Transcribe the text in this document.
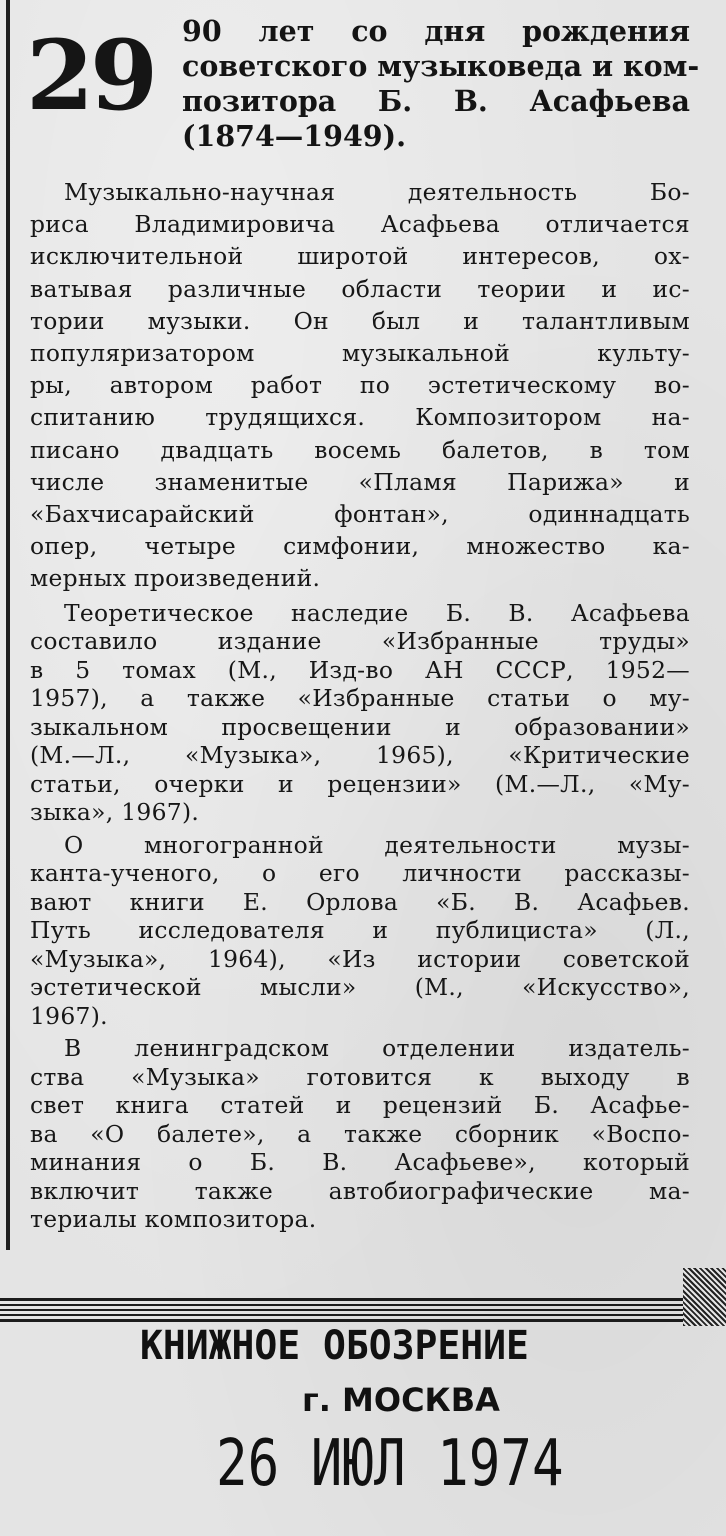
29 90 лет со дня рождения
советского музыковеда и ком-
позитора Б. В. Асафьева
(1874—1949).
Музыкально-научная деятельность Бо-
риса Владимировича Асафьева отличается
исключительной широтой интересов, ох-
ватывая различные области теории и ис-
тории музыки. Он был и талантливым
популяризатором музыкальной культу-
ры, автором работ по эстетическому во-
спитанию трудящихся. Композитором на-
писано двадцать восемь балетов, в том
числе знаменитые «Пламя Парижа» и
«Бахчисарайский фонтан», одиннадцать
опер, четыре симфонии, множество ка-
мерных произведений.
Теоретическое наследие Б. В. Асафьева
составило издание «Избранные труды»
в 5 томах (М., Изд-во АН СССР, 1952—
1957), а также «Избранные статьи о му-
зыкальном просвещении и образовании»
(М.—Л., «Музыка», 1965), «Критические
статьи, очерки и рецензии» (М.—Л., «Му-
зыка», 1967).
О многогранной деятельности музы-
канта-ученого, о его личности рассказы-
вают книги Е. Орлова «Б. В. Асафьев.
Путь исследователя и публициста» (Л.,
«Музыка», 1964), «Из истории советской
эстетической мысли» (М., «Искусство»,
1967).
В ленинградском отделении издатель-
ства «Музыка» готовится к выходу в
свет книга статей и рецензий Б. Асафье-
ва «О балете», а также сборник «Воспо-
минания о Б. В. Асафьеве», который
включит также автобиографические ма-
териалы композитора.
КНИЖНОЕ ОБОЗРЕНИЕ
г. МОСКВА
26 ИЮЛ 1974
